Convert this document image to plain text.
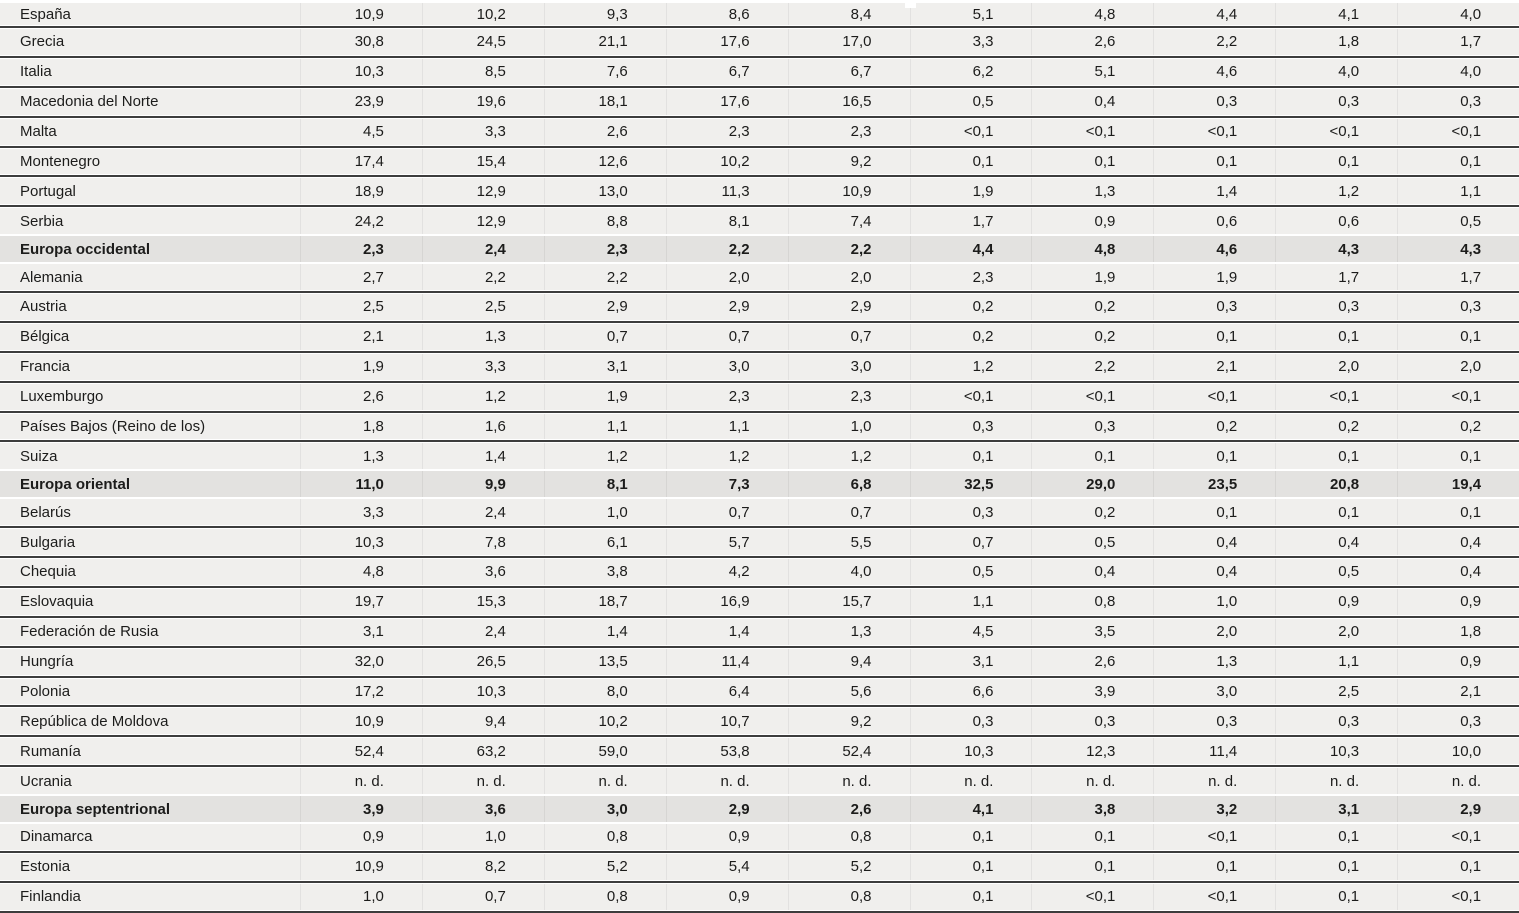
España	10,9	10,2	9,3	8,6	8,4	5,1	4,8	4,4	4,1	4,0
Grecia	30,8	24,5	21,1	17,6	17,0	3,3	2,6	2,2	1,8	1,7
Italia	10,3	8,5	7,6	6,7	6,7	6,2	5,1	4,6	4,0	4,0
Macedonia del Norte	23,9	19,6	18,1	17,6	16,5	0,5	0,4	0,3	0,3	0,3
Malta	4,5	3,3	2,6	2,3	2,3	<0,1	<0,1	<0,1	<0,1	<0,1
Montenegro	17,4	15,4	12,6	10,2	9,2	0,1	0,1	0,1	0,1	0,1
Portugal	18,9	12,9	13,0	11,3	10,9	1,9	1,3	1,4	1,2	1,1
Serbia	24,2	12,9	8,8	8,1	7,4	1,7	0,9	0,6	0,6	0,5
Europa occidental	2,3	2,4	2,3	2,2	2,2	4,4	4,8	4,6	4,3	4,3
Alemania	2,7	2,2	2,2	2,0	2,0	2,3	1,9	1,9	1,7	1,7
Austria	2,5	2,5	2,9	2,9	2,9	0,2	0,2	0,3	0,3	0,3
Bélgica	2,1	1,3	0,7	0,7	0,7	0,2	0,2	0,1	0,1	0,1
Francia	1,9	3,3	3,1	3,0	3,0	1,2	2,2	2,1	2,0	2,0
Luxemburgo	2,6	1,2	1,9	2,3	2,3	<0,1	<0,1	<0,1	<0,1	<0,1
Países Bajos (Reino de los)	1,8	1,6	1,1	1,1	1,0	0,3	0,3	0,2	0,2	0,2
Suiza	1,3	1,4	1,2	1,2	1,2	0,1	0,1	0,1	0,1	0,1
Europa oriental	11,0	9,9	8,1	7,3	6,8	32,5	29,0	23,5	20,8	19,4
Belarús	3,3	2,4	1,0	0,7	0,7	0,3	0,2	0,1	0,1	0,1
Bulgaria	10,3	7,8	6,1	5,7	5,5	0,7	0,5	0,4	0,4	0,4
Chequia	4,8	3,6	3,8	4,2	4,0	0,5	0,4	0,4	0,5	0,4
Eslovaquia	19,7	15,3	18,7	16,9	15,7	1,1	0,8	1,0	0,9	0,9
Federación de Rusia	3,1	2,4	1,4	1,4	1,3	4,5	3,5	2,0	2,0	1,8
Hungría	32,0	26,5	13,5	11,4	9,4	3,1	2,6	1,3	1,1	0,9
Polonia	17,2	10,3	8,0	6,4	5,6	6,6	3,9	3,0	2,5	2,1
República de Moldova	10,9	9,4	10,2	10,7	9,2	0,3	0,3	0,3	0,3	0,3
Rumanía	52,4	63,2	59,0	53,8	52,4	10,3	12,3	11,4	10,3	10,0
Ucrania	n. d.	n. d.	n. d.	n. d.	n. d.	n. d.	n. d.	n. d.	n. d.	n. d.
Europa septentrional	3,9	3,6	3,0	2,9	2,6	4,1	3,8	3,2	3,1	2,9
Dinamarca	0,9	1,0	0,8	0,9	0,8	0,1	0,1	<0,1	0,1	<0,1
Estonia	10,9	8,2	5,2	5,4	5,2	0,1	0,1	0,1	0,1	0,1
Finlandia	1,0	0,7	0,8	0,9	0,8	0,1	<0,1	<0,1	0,1	<0,1
